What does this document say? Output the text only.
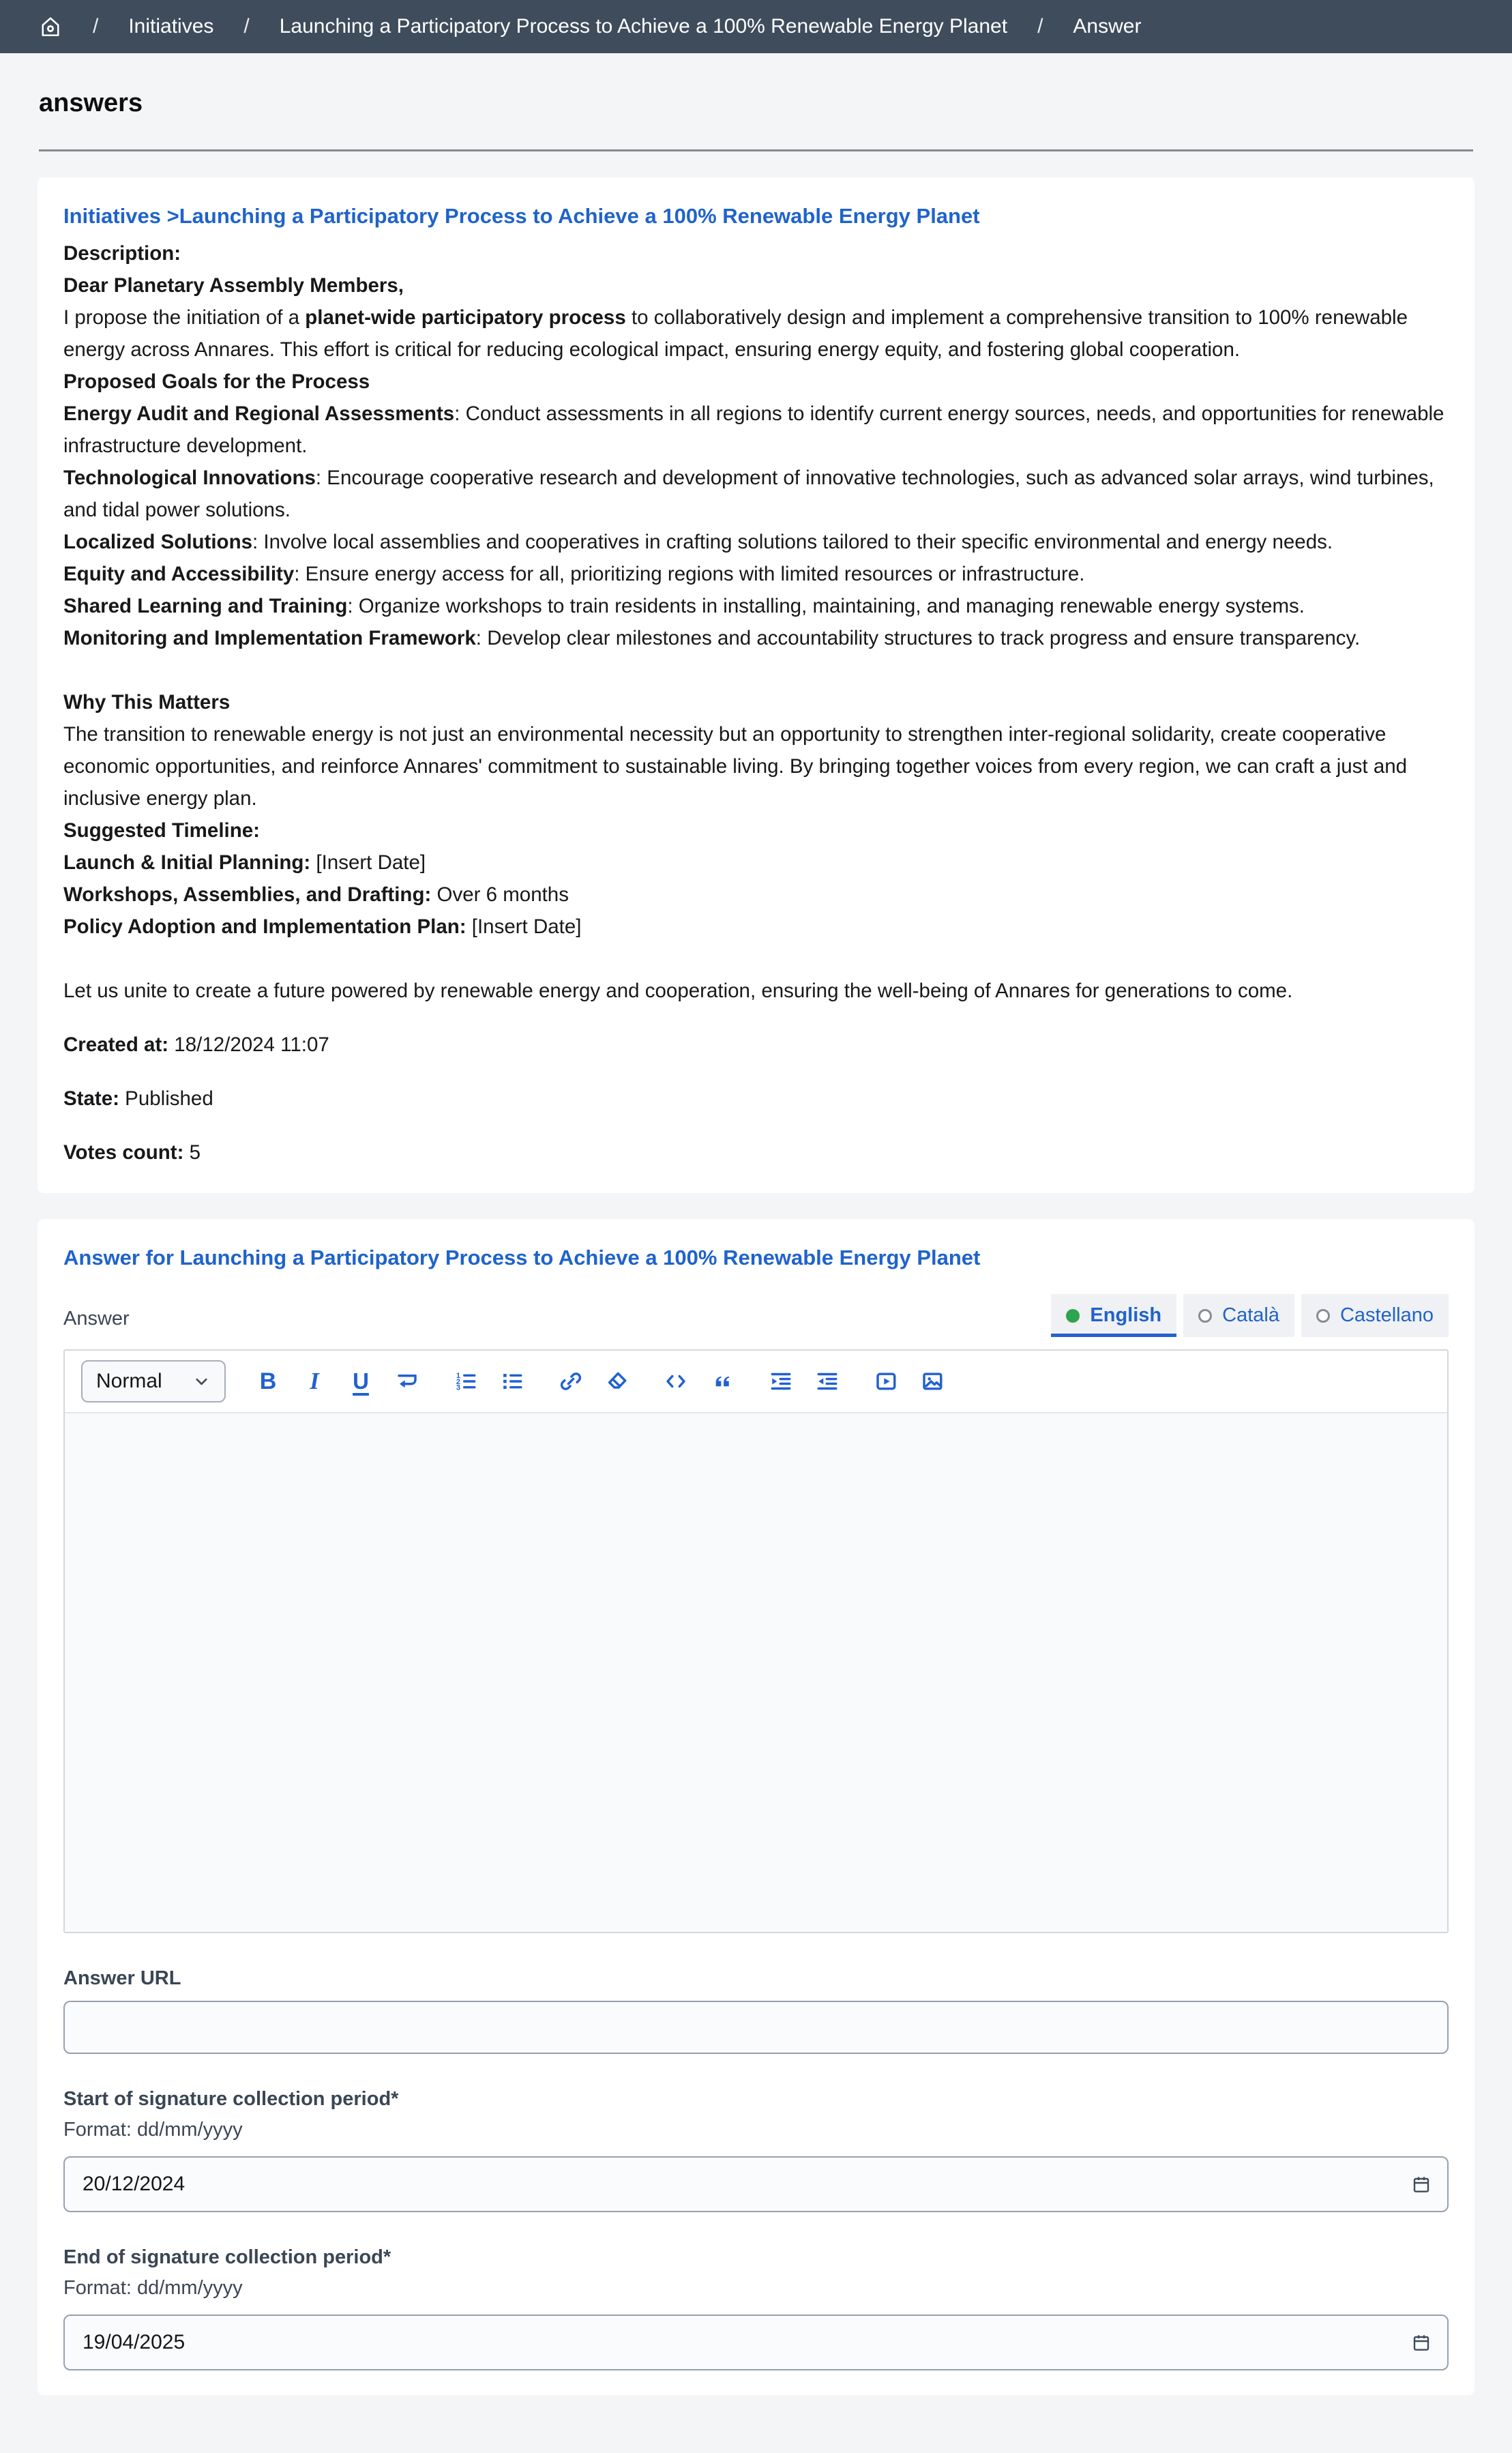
/ Initiatives / Launching a Participatory Process to Achieve a 100% Renewable Energy Planet / Answer
answers
Initiatives >Launching a Participatory Process to Achieve a 100% Renewable Energy Planet

Description:

Dear Planetary Assembly Members,

I propose the initiation of a planet-wide participatory process to collaboratively design and implement a comprehensive transition to 100% renewable energy across Annares. This effort is critical for reducing ecological impact, ensuring energy equity, and fostering global cooperation.

Proposed Goals for the Process

Energy Audit and Regional Assessments: Conduct assessments in all regions to identify current energy sources, needs, and opportunities for renewable infrastructure development.

Technological Innovations: Encourage cooperative research and development of innovative technologies, such as advanced solar arrays, wind turbines, and tidal power solutions.

Localized Solutions: Involve local assemblies and cooperatives in crafting solutions tailored to their specific environmental and energy needs.

Equity and Accessibility: Ensure energy access for all, prioritizing regions with limited resources or infrastructure.

Shared Learning and Training: Organize workshops to train residents in installing, maintaining, and managing renewable energy systems.

Monitoring and Implementation Framework: Develop clear milestones and accountability structures to track progress and ensure transparency.

Why This Matters

The transition to renewable energy is not just an environmental necessity but an opportunity to strengthen inter-regional solidarity, create cooperative economic opportunities, and reinforce Annares' commitment to sustainable living. By bringing together voices from every region, we can craft a just and inclusive energy plan.

Suggested Timeline:

Launch & Initial Planning: [Insert Date]

Workshops, Assemblies, and Drafting: Over 6 months

Policy Adoption and Implementation Plan: [Insert Date]

Let us unite to create a future powered by renewable energy and cooperation, ensuring the well-being of Annares for generations to come.

Created at: 18/12/2024 11:07

State: Published

Votes count: 5

Answer for Launching a Participatory Process to Achieve a 100% Renewable Energy Planet
Answer	English	Català	Castellano
Normal	B I U	1
2
3
Answer URL
Start of signature collection period*
Format: dd/mm/yyyy
20/12/2024
End of signature collection period*
Format: dd/mm/yyyy
19/04/2025
